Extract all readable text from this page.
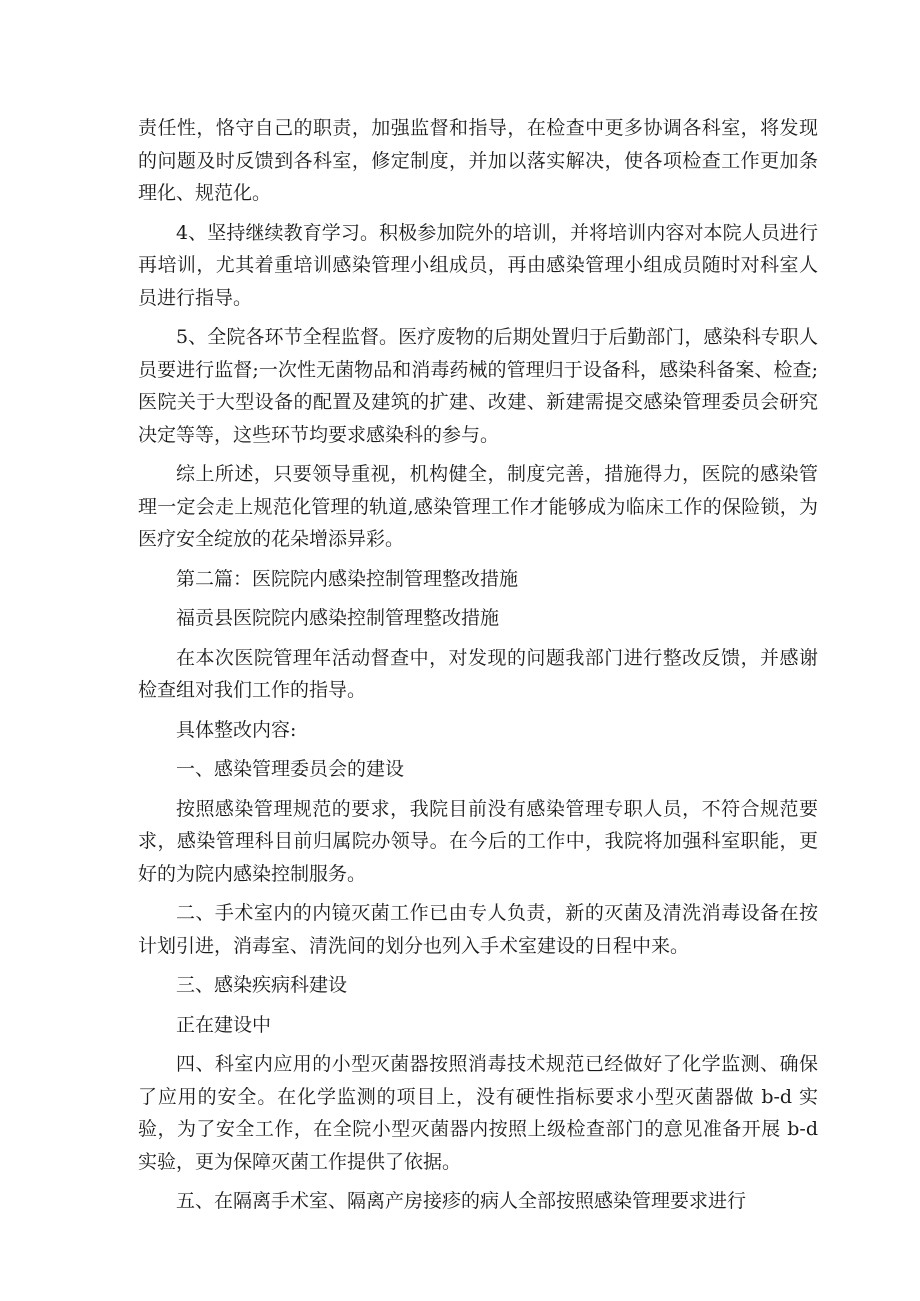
责任性，恪守自己的职责，加强监督和指导，在检查中更多协调各科室，将发现的问题及时反馈到各科室，修定制度，并加以落实解决，使各项检查工作更加条理化、规范化。

4、坚持继续教育学习。积极参加院外的培训，并将培训内容对本院人员进行再培训，尤其着重培训感染管理小组成员，再由感染管理小组成员随时对科室人员进行指导。

5、全院各环节全程监督。医疗废物的后期处置归于后勤部门，感染科专职人员要进行监督;一次性无菌物品和消毒药械的管理归于设备科，感染科备案、检查;医院关于大型设备的配置及建筑的扩建、改建、新建需提交感染管理委员会研究决定等等，这些环节均要求感染科的参与。

综上所述，只要领导重视，机构健全，制度完善，措施得力，医院的感染管理一定会走上规范化管理的轨道,感染管理工作才能够成为临床工作的保险锁，为医疗安全绽放的花朵增添异彩。

第二篇：医院院内感染控制管理整改措施

福贡县医院院内感染控制管理整改措施

在本次医院管理年活动督查中，对发现的问题我部门进行整改反馈，并感谢检查组对我们工作的指导。

具体整改内容:

一、感染管理委员会的建设

按照感染管理规范的要求，我院目前没有感染管理专职人员，不符合规范要求，感染管理科目前归属院办领导。在今后的工作中，我院将加强科室职能，更好的为院内感染控制服务。

二、手术室内的内镜灭菌工作已由专人负责，新的灭菌及清洗消毒设备在按计划引进，消毒室、清洗间的划分也列入手术室建设的日程中来。

三、感染疾病科建设

正在建设中

四、科室内应用的小型灭菌器按照消毒技术规范已经做好了化学监测、确保了应用的安全。在化学监测的项目上，没有硬性指标要求小型灭菌器做 b-d 实验，为了安全工作，在全院小型灭菌器内按照上级检查部门的意见准备开展 b-d 实验，更为保障灭菌工作提供了依据。

五、在隔离手术室、隔离产房接疹的病人全部按照感染管理要求进行
